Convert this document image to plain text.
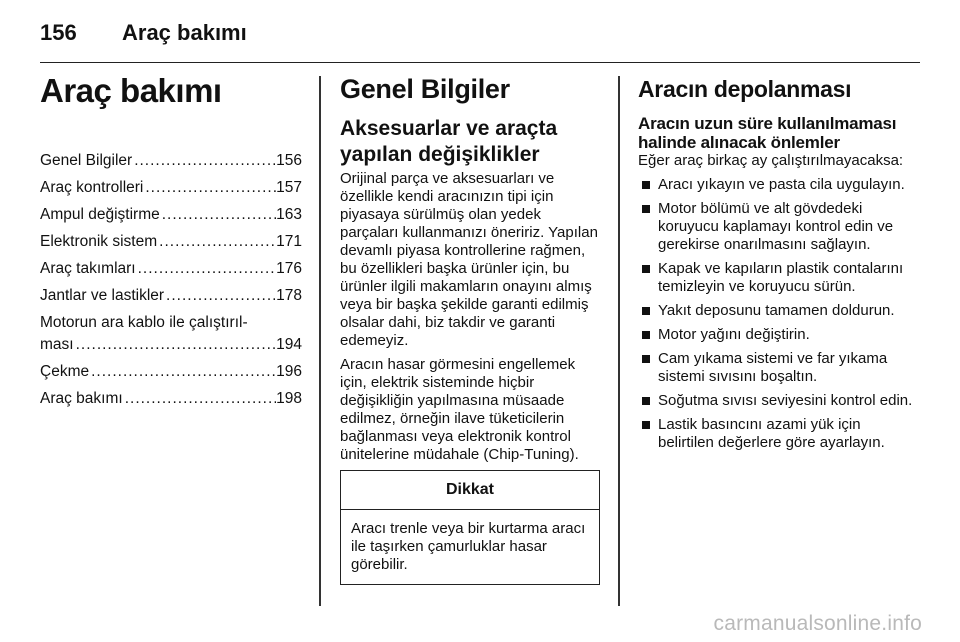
156 Araç bakımı
Araç bakımı
Genel Bilgiler .....	156
Araç kontrolleri .....	157
Ampul değiştirme .....	163
Elektronik sistem .....	171
Araç takımları .....	176
Jantlar ve lastikler .....	178
Motorun ara kablo ile çalıştırıl-
ması .....	194
Çekme .....	196
Araç bakımı .....	198
Genel Bilgiler
Aksesuarlar ve araçta yapılan değişiklikler

Orijinal parça ve aksesuarları ve özellikle kendi aracınızın tipi için piyasaya sürülmüş olan yedek parçaları kullanmanızı öneririz. Yapılan devamlı piyasa kontrollerine rağmen, bu özellikleri başka ürünler için, bu ürünler ilgili makamların onayını almış veya bir başka şekilde garanti edilmiş olsalar dahi, biz takdir ve garanti edemeyiz.

Aracın hasar görmesini engellemek için, elektrik sisteminde hiçbir değişikliğin yapılmasına müsaade edilmez, örneğin ilave tüketicilerin bağlanması veya elektronik kontrol ünitelerine müdahale (Chip-Tuning).

Dikkat
Aracı trenle veya bir kurtarma aracı ile taşırken çamurluklar hasar görebilir.
Aracın depolanması
Aracın uzun süre kullanılmaması halinde alınacak önlemler

Eğer araç birkaç ay çalıştırılmayacaksa:

Aracı yıkayın ve pasta cila uygulayın.
Motor bölümü ve alt gövdedeki koruyucu kaplamayı kontrol edin ve gerekirse onarılmasını sağlayın.
Kapak ve kapıların plastik contalarını temizleyin ve koruyucu sürün.
Yakıt deposunu tamamen doldurun.
Motor yağını değiştirin.
Cam yıkama sistemi ve far yıkama sistemi sıvısını boşaltın.
Soğutma sıvısı seviyesini kontrol edin.
Lastik basıncını azami yük için belirtilen değerlere göre ayarlayın.
carmanualsonline.info
